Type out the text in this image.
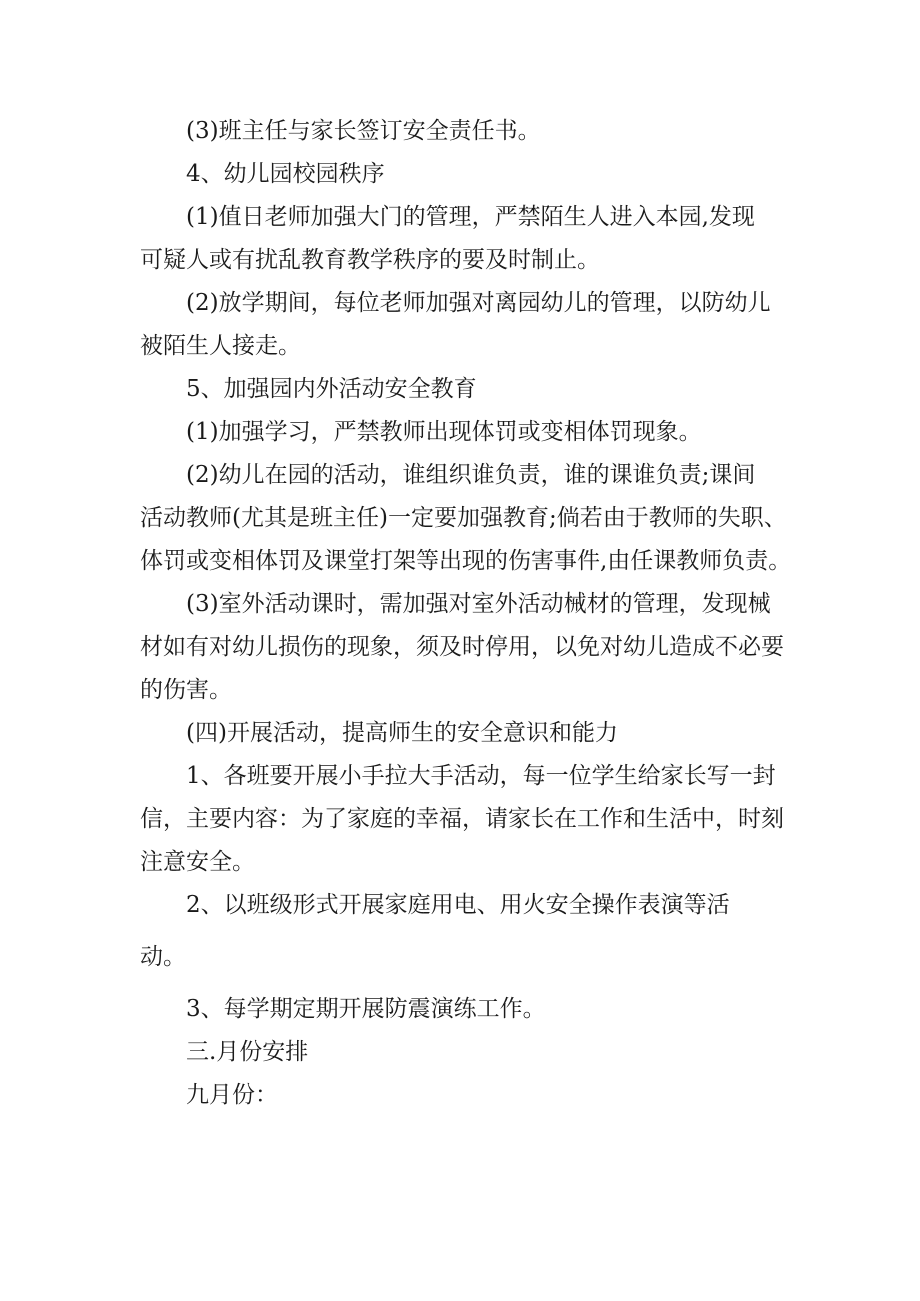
(3)班主任与家长签订安全责任书。
4、幼儿园校园秩序
(1)值日老师加强大门的管理，严禁陌生人进入本园,发现
可疑人或有扰乱教育教学秩序的要及时制止。
(2)放学期间，每位老师加强对离园幼儿的管理，以防幼儿
被陌生人接走。
5、加强园内外活动安全教育
(1)加强学习，严禁教师出现体罚或变相体罚现象。
(2)幼儿在园的活动，谁组织谁负责，谁的课谁负责;课间
活动教师(尤其是班主任)一定要加强教育;倘若由于教师的失职、
体罚或变相体罚及课堂打架等出现的伤害事件,由任课教师负责。
(3)室外活动课时，需加强对室外活动械材的管理，发现械
材如有对幼儿损伤的现象，须及时停用，以免对幼儿造成不必要
的伤害。
(四)开展活动，提高师生的安全意识和能力
1、各班要开展小手拉大手活动，每一位学生给家长写一封
信，主要内容：为了家庭的幸福，请家长在工作和生活中，时刻
注意安全。
2、以班级形式开展家庭用电、用火安全操作表演等活
动。
3、每学期定期开展防震演练工作。
三.月份安排
九月份：
